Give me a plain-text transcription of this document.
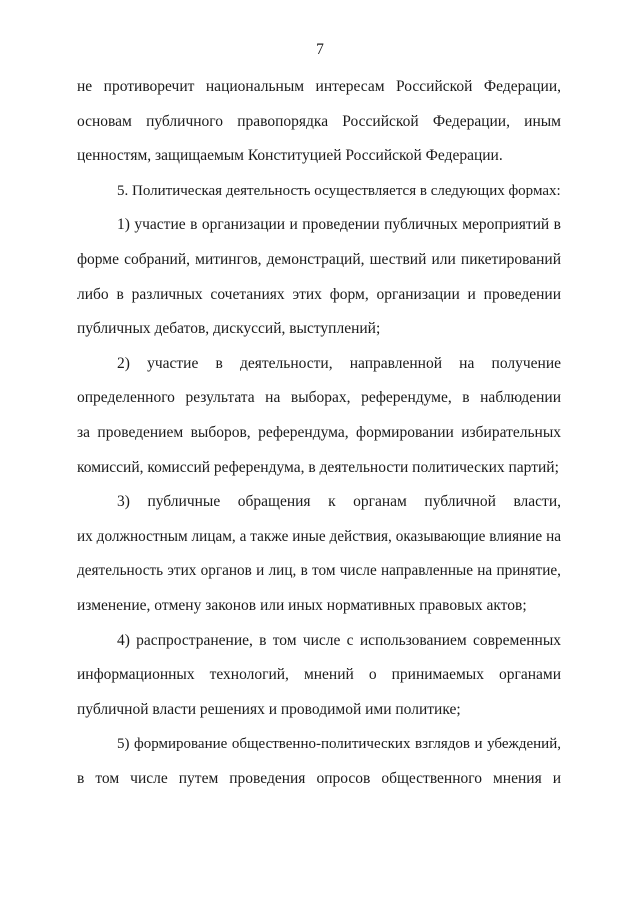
7
не противоречит национальным интересам Российской Федерации,
основам публичного правопорядка Российской Федерации, иным
ценностям, защищаемым Конституцией Российской Федерации.
5. Политическая деятельность осуществляется в следующих формах:
1) участие в организации и проведении публичных мероприятий в
форме собраний, митингов, демонстраций, шествий или пикетирований
либо в различных сочетаниях этих форм, организации и проведении
публичных дебатов, дискуссий, выступлений;
2) участие в деятельности, направленной на получение
определенного результата на выборах, референдуме, в наблюдении
за проведением выборов, референдума, формировании избирательных
комиссий, комиссий референдума, в деятельности политических партий;
3) публичные обращения к органам публичной власти,
их должностным лицам, а также иные действия, оказывающие влияние на
деятельность этих органов и лиц, в том числе направленные на принятие,
изменение, отмену законов или иных нормативных правовых актов;
4) распространение, в том числе с использованием современных
информационных технологий, мнений о принимаемых органами
публичной власти решениях и проводимой ими политике;
5) формирование общественно-политических взглядов и убеждений,
в том числе путем проведения опросов общественного мнения и
